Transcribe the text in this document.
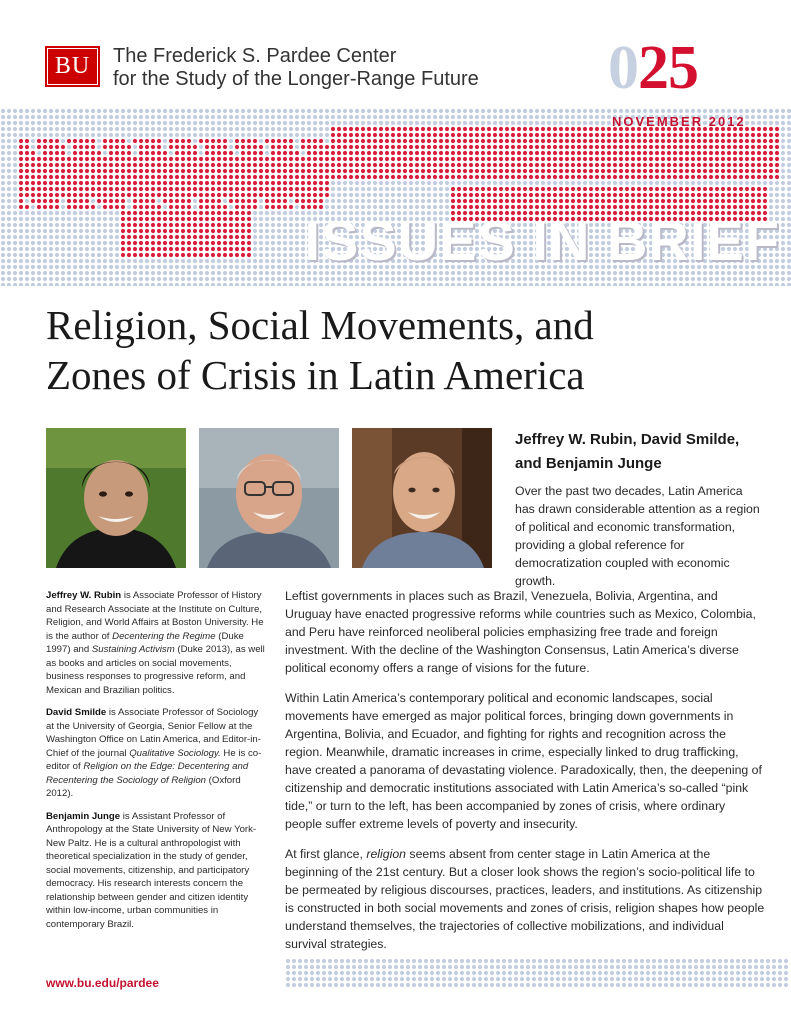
BU	The Frederick S. Pardee Center
for the Study of the Longer-Range Future
ISSUES IN BRIEF
025
NOVEMBER 2012
Religion, Social Movements, and
Zones of Crisis in Latin America
Jeffrey W. Rubin, David Smilde,
and Benjamin Junge
Over the past two decades, Latin America has drawn considerable attention as a region of political and economic transformation, providing a global reference for democratization coupled with economic growth.

Leftist governments in places such as Brazil, Venezuela, Bolivia, Argentina, and Uruguay have enacted progressive reforms while countries such as Mexico, Colombia, and Peru have reinforced neoliberal policies emphasizing free trade and foreign investment. With the decline of the Washington Consensus, Latin America’s diverse political economy offers a range of visions for the future.

Within Latin America’s contemporary political and economic landscapes, social movements have emerged as major political forces, bringing down governments in Argentina, Bolivia, and Ecuador, and fighting for rights and recognition across the region. Meanwhile, dramatic increases in crime, especially linked to drug trafficking, have created a panorama of devastating violence. Paradoxically, then, the deepening of citizenship and democratic institutions associated with Latin America’s so-called “pink tide,” or turn to the left, has been accompanied by zones of crisis, where ordinary people suffer extreme levels of poverty and insecurity.

At first glance, religion seems absent from center stage in Latin America at the beginning of the 21st century. But a closer look shows the region’s socio-political life to be permeated by religious discourses, practices, leaders, and institutions. As citizenship is constructed in both social movements and zones of crisis, religion shapes how people understand themselves, the trajectories of collective mobilizations, and individual survival strategies.

Jeffrey W. Rubin is Associate Professor of History and Research Associate at the Institute on Culture, Religion, and World Affairs at Boston University. He is the author of Decentering the Regime (Duke 1997) and Sustaining Activism (Duke 2013), as well as books and articles on social movements, business responses to progressive reform, and Mexican and Brazilian politics.

David Smilde is Associate Professor of Sociology at the University of Georgia, Senior Fellow at the Washington Office on Latin America, and Editor-in-Chief of the journal Qualitative Sociology. He is co-editor of Religion on the Edge: Decentering and Recentering the Sociology of Religion (Oxford 2012).

Benjamin Junge is Assistant Professor of Anthropology at the State University of New York-New Paltz. He is a cultural anthropologist with theoretical specialization in the study of gender, social movements, citizenship, and participatory democracy. His research interests concern the relationship between gender and citizen identity within low-income, urban communities in contemporary Brazil.

www.bu.edu/pardee
